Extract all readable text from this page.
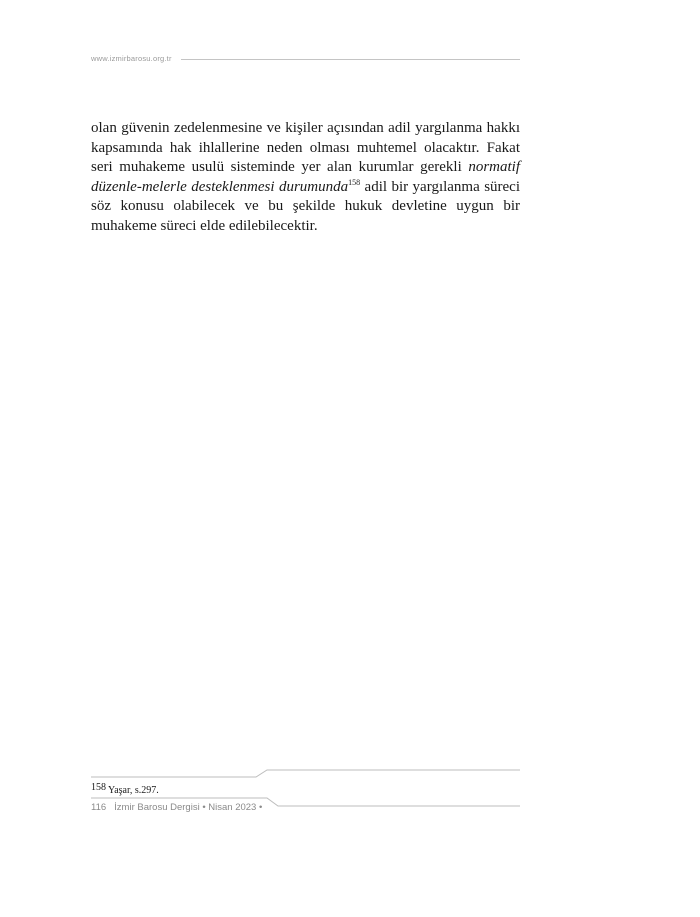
www.izmirbarosu.org.tr
olan güvenin zedelenmesine ve kişiler açısından adil yargılanma hakkı kapsamında hak ihlallerine neden olması muhtemel olacaktır. Fakat seri muhakeme usulü sisteminde yer alan kurumlar gerekli normatif düzenle-melerle desteklenmesi durumunda$^{158}$ adil bir yargılanma süreci söz konusu olabilecek ve bu şekilde hukuk devletine uygun bir muhakeme süreci elde edilebilecektir.
158 Yaşar, s.297.
116 İzmir Barosu Dergisi • Nisan 2023 •
